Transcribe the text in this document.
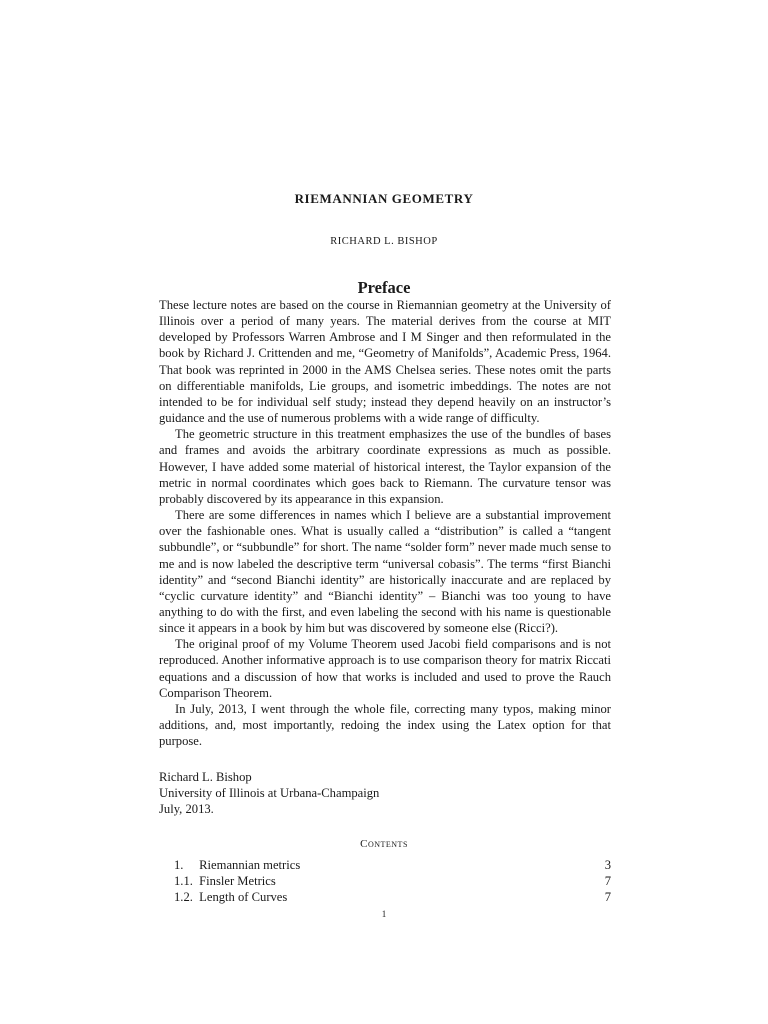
RIEMANNIAN GEOMETRY
RICHARD L. BISHOP
Preface

These lecture notes are based on the course in Riemannian geometry at the University of Illinois over a period of many years. The material derives from the course at MIT developed by Professors Warren Ambrose and I M Singer and then reformulated in the book by Richard J. Crittenden and me, “Geometry of Manifolds”, Academic Press, 1964. That book was reprinted in 2000 in the AMS Chelsea series. These notes omit the parts on differentiable manifolds, Lie groups, and isometric imbeddings. The notes are not intended to be for individual self study; instead they depend heavily on an instructor’s guidance and the use of numerous problems with a wide range of difficulty.

The geometric structure in this treatment emphasizes the use of the bundles of bases and frames and avoids the arbitrary coordinate expressions as much as possible. However, I have added some material of historical interest, the Taylor expansion of the metric in normal coordinates which goes back to Riemann. The curvature tensor was probably discovered by its appearance in this expansion.

There are some differences in names which I believe are a substantial improvement over the fashionable ones. What is usually called a “distribution” is called a “tangent subbundle”, or “subbundle” for short. The name “solder form” never made much sense to me and is now labeled the descriptive term “universal cobasis”. The terms “first Bianchi identity” and “second Bianchi identity” are historically inaccurate and are replaced by “cyclic curvature identity” and “Bianchi identity” – Bianchi was too young to have anything to do with the first, and even labeling the second with his name is questionable since it appears in a book by him but was discovered by someone else (Ricci?).

The original proof of my Volume Theorem used Jacobi field comparisons and is not reproduced. Another informative approach is to use comparison theory for matrix Riccati equations and a discussion of how that works is included and used to prove the Rauch Comparison Theorem.

In July, 2013, I went through the whole file, correcting many typos, making minor additions, and, most importantly, redoing the index using the Latex option for that purpose.

Richard L. Bishop
University of Illinois at Urbana-Champaign
July, 2013.
Contents
1. Riemannian metrics	3
1.1. Finsler Metrics	7
1.2. Length of Curves	7
1
